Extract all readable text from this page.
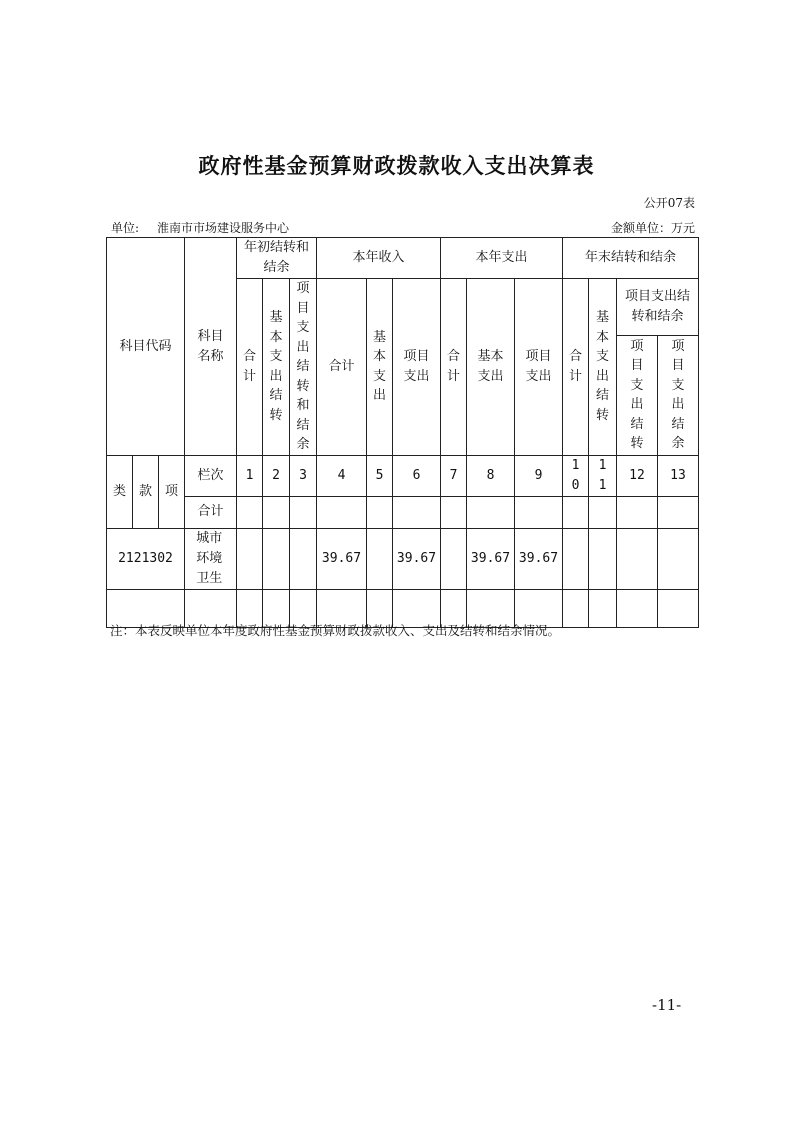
政府性基金预算财政拨款收入支出决算表
公开07表
单位: 淮南市市场建设服务中心	金额单位：万元
科目代码			科目名称	年初结转和结余			本年收入			本年支出			年末结转和结余			
				合计	基本支出结转	项目支出结转和结余	合计	基本支出	项目支出	合计	基本支出	项目支出	合计	基本支出结转	项目支出结转和结余	
															项目支出结转	项目支出结余
类	款	项	栏次	1	2	3	4	5	6	7	8	9	10	11	12	13
			合计													
2121302			城市环境卫生				39.67		39.67		39.67	39.67				

注：本表反映单位本年度政府性基金预算财政拨款收入、支出及结转和结余情况。
-11-
